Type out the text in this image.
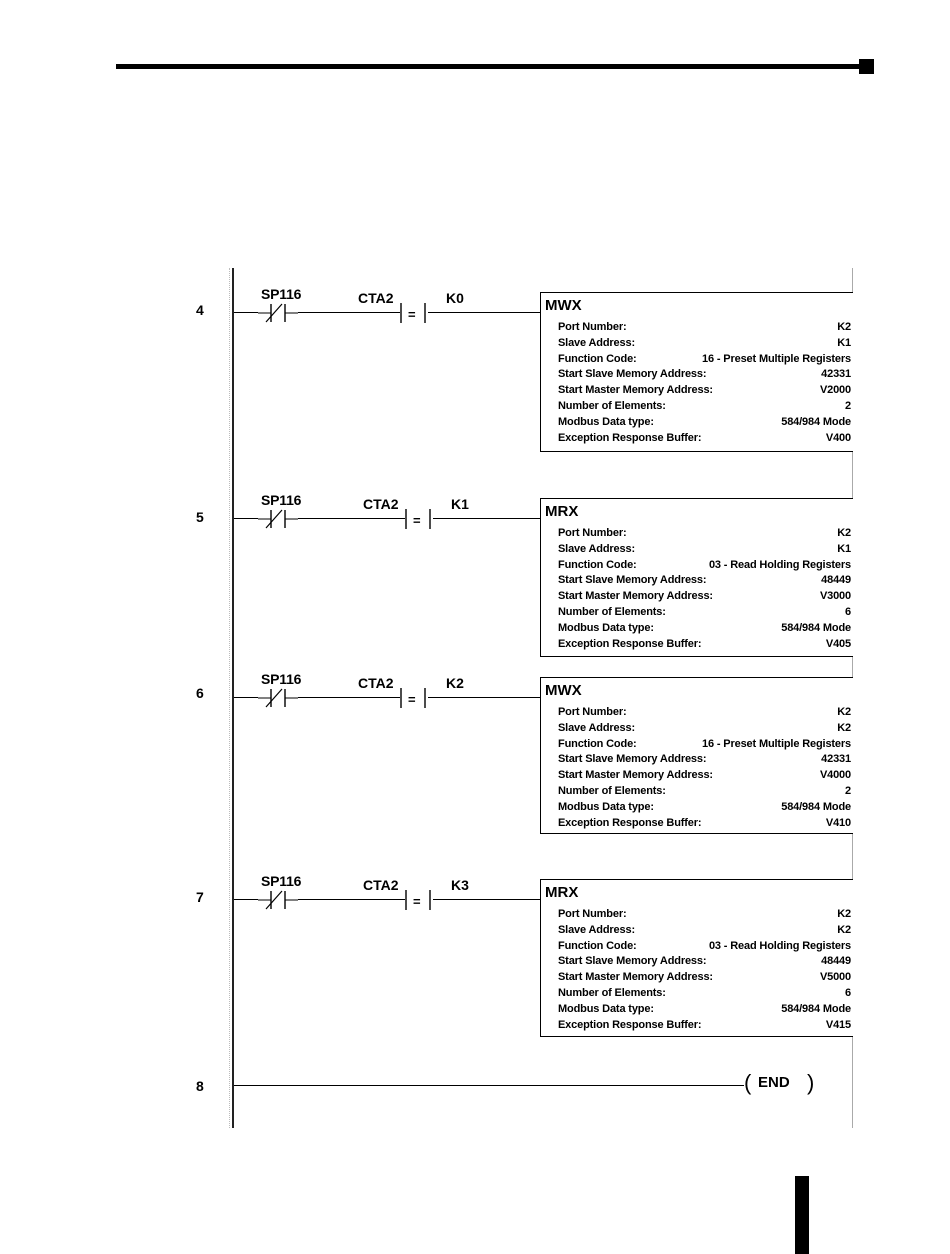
4
SP116	CTA2
=
K0	MWX
Port Number:	K2
Slave Address:	K1
Function Code:	16 - Preset Multiple Registers
Start Slave Memory Address:	42331
Start Master Memory Address:	V2000
Number of Elements:	2
Modbus Data type:	584/984 Mode
Exception Response Buffer:	V400
5
SP116	CTA2
=
K1	MRX
Port Number:	K2
Slave Address:	K1
Function Code:	03 - Read Holding Registers
Start Slave Memory Address:	48449
Start Master Memory Address:	V3000
Number of Elements:	6
Modbus Data type:	584/984 Mode
Exception Response Buffer:	V405
6
SP116	CTA2
=
K2	MWX
Port Number:	K2
Slave Address:	K2
Function Code:	16 - Preset Multiple Registers
Start Slave Memory Address:	42331
Start Master Memory Address:	V4000
Number of Elements:	2
Modbus Data type:	584/984 Mode
Exception Response Buffer:	V410
7
SP116	CTA2
=
K3	MRX
Port Number:	K2
Slave Address:	K2
Function Code:	03 - Read Holding Registers
Start Slave Memory Address:	48449
Start Master Memory Address:	V5000
Number of Elements:	6
Modbus Data type:	584/984 Mode
Exception Response Buffer:	V415
8	( END )
